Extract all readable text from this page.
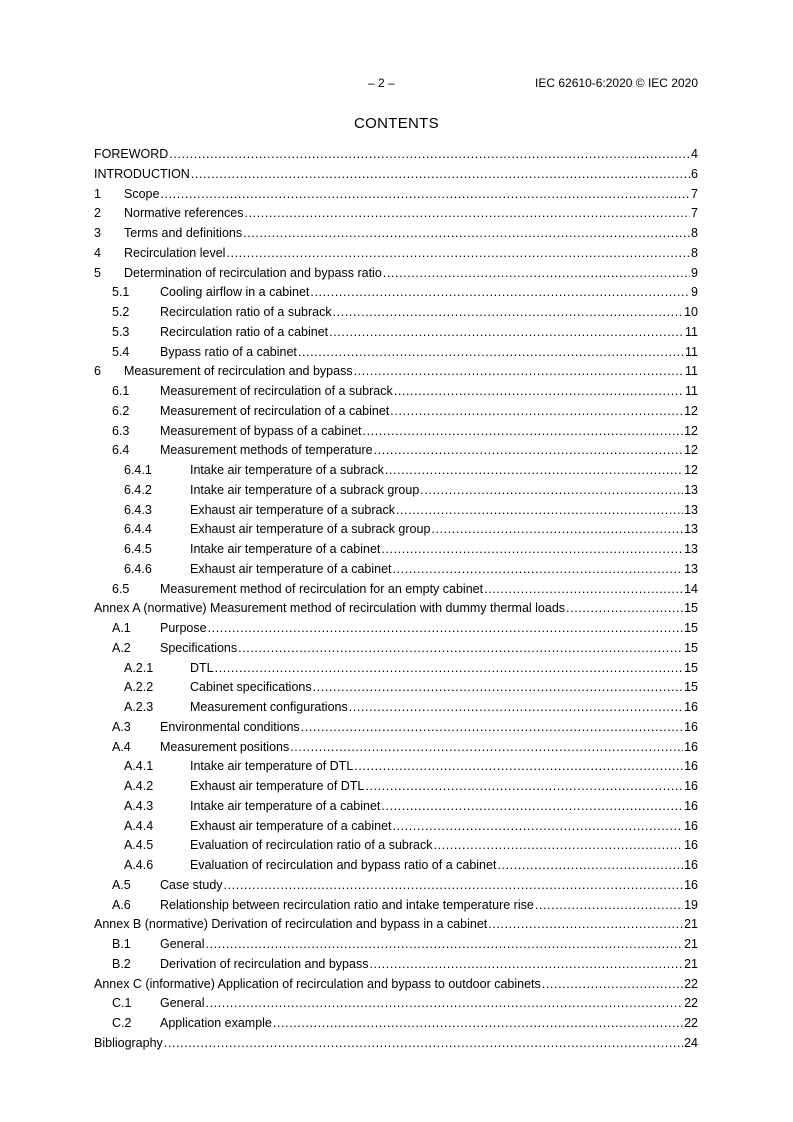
– 2 –	IEC 62610-6:2020 © IEC 2020
CONTENTS
FOREWORD .....	4
INTRODUCTION .....	6
1	Scope .....	7
2	Normative references .....	7
3	Terms and definitions .....	8
4	Recirculation level .....	8
5	Determination of recirculation and bypass ratio .....	9
5.1	Cooling airflow in a cabinet .....	9
5.2	Recirculation ratio of a subrack .....	10
5.3	Recirculation ratio of a cabinet .....	11
5.4	Bypass ratio of a cabinet .....	11
6	Measurement of recirculation and bypass .....	11
6.1	Measurement of recirculation of a subrack .....	11
6.2	Measurement of recirculation of a cabinet .....	12
6.3	Measurement of bypass of a cabinet .....	12
6.4	Measurement methods of temperature .....	12
6.4.1	Intake air temperature of a subrack .....	12
6.4.2	Intake air temperature of a subrack group .....	13
6.4.3	Exhaust air temperature of a subrack .....	13
6.4.4	Exhaust air temperature of a subrack group .....	13
6.4.5	Intake air temperature of a cabinet .....	13
6.4.6	Exhaust air temperature of a cabinet .....	13
6.5	Measurement method of recirculation for an empty cabinet .....	14
Annex A (normative) Measurement method of recirculation with dummy thermal loads .....	15
A.1	Purpose .....	15
A.2	Specifications .....	15
A.2.1	DTL .....	15
A.2.2	Cabinet specifications .....	15
A.2.3	Measurement configurations .....	16
A.3	Environmental conditions .....	16
A.4	Measurement positions .....	16
A.4.1	Intake air temperature of DTL .....	16
A.4.2	Exhaust air temperature of DTL .....	16
A.4.3	Intake air temperature of a cabinet .....	16
A.4.4	Exhaust air temperature of a cabinet .....	16
A.4.5	Evaluation of recirculation ratio of a subrack .....	16
A.4.6	Evaluation of recirculation and bypass ratio of a cabinet .....	16
A.5	Case study .....	16
A.6	Relationship between recirculation ratio and intake temperature rise .....	19
Annex B (normative) Derivation of recirculation and bypass in a cabinet .....	21
B.1	General .....	21
B.2	Derivation of recirculation and bypass .....	21
Annex C (informative) Application of recirculation and bypass to outdoor cabinets .....	22
C.1	General .....	22
C.2	Application example .....	22
Bibliography .....	24
